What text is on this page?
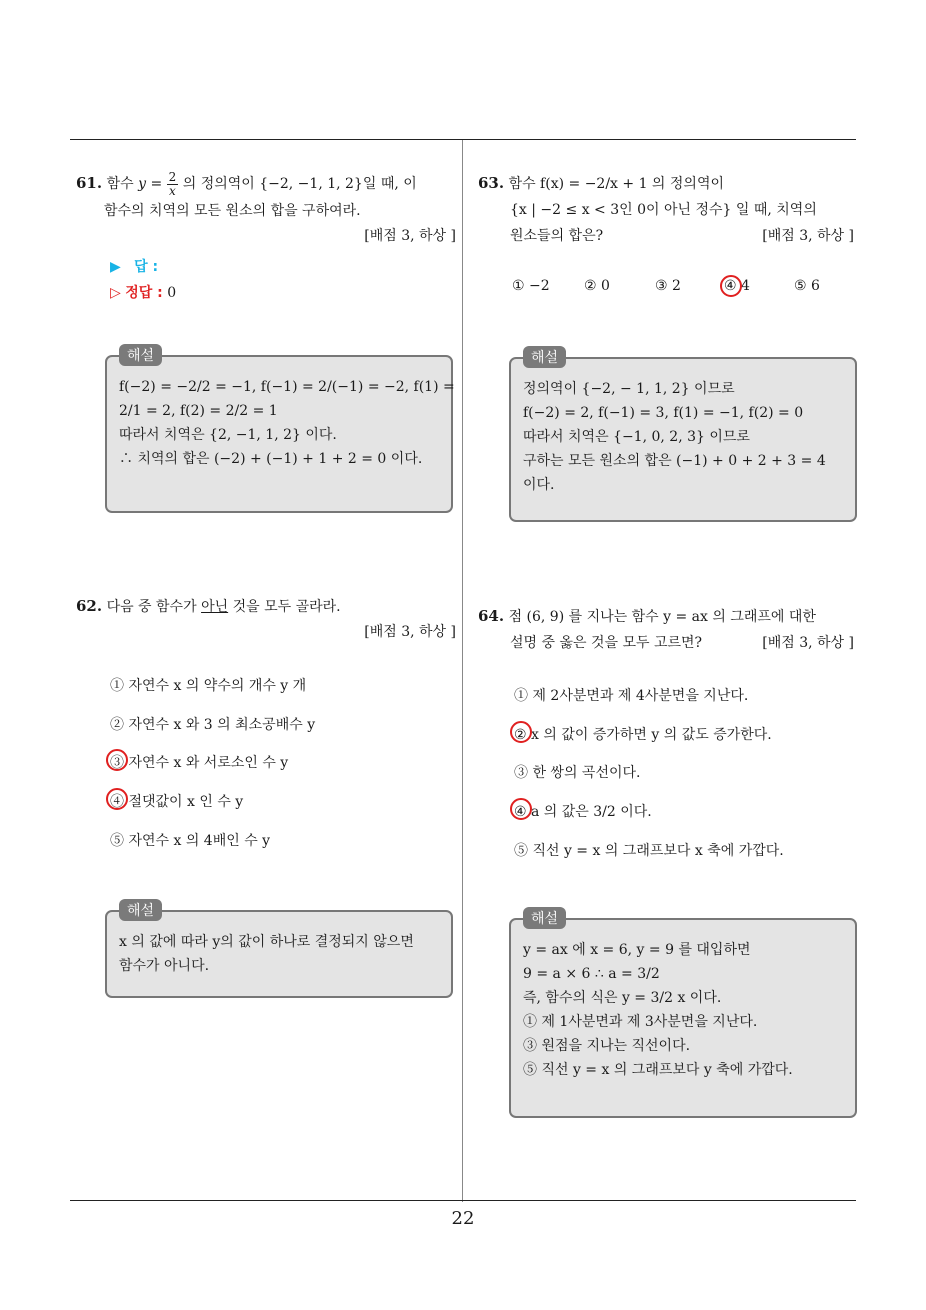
61. 함수 $y = \frac{2}{x}$ 의 정의역이 {−2, −1, 1, 2}일 때, 이
함수의 치역의 모든 원소의 합을 구하여라.
[배점 3, 하상 ]
▶ 답 :
▷ 정답 : 0
해설
f(−2) = −2/2 = −1, f(−1) = 2/(−1) = −2, f(1) =
2/1 = 2, f(2) = 2/2 = 1
따라서 치역은 {2, −1, 1, 2} 이다.
∴ 치역의 합은 (−2) + (−1) + 1 + 2 = 0 이다.
62. 다음 중 함수가 아닌 것을 모두 골라라.
[배점 3, 하상 ]
① 자연수 x 의 약수의 개수 y 개
② 자연수 x 와 3 의 최소공배수 y
③ 자연수 x 와 서로소인 수 y
④ 절댓값이 x 인 수 y
⑤ 자연수 x 의 4배인 수 y
해설
x 의 값에 따라 y의 값이 하나로 결정되지 않으면
함수가 아니다.
63. 함수 f(x) = −2/x + 1 의 정의역이
{x | −2 ≤ x < 3인 0이 아닌 정수} 일 때, 치역의
원소들의 합은?	[배점 3, 하상 ]
① −2 ② 0	③ 2	④ 4	⑤ 6
해설
정의역이 {−2, − 1, 1, 2} 이므로
f(−2) = 2, f(−1) = 3, f(1) = −1, f(2) = 0
따라서 치역은 {−1, 0, 2, 3} 이므로
구하는 모든 원소의 합은 (−1) + 0 + 2 + 3 = 4
이다.
64. 점 (6, 9) 를 지나는 함수 y = ax 의 그래프에 대한
설명 중 옳은 것을 모두 고르면?	[배점 3, 하상 ]
① 제 2사분면과 제 4사분면을 지난다.
② x 의 값이 증가하면 y 의 값도 증가한다.
③ 한 쌍의 곡선이다.
④ a 의 값은 3/2 이다.
⑤ 직선 y = x 의 그래프보다 x 축에 가깝다.
해설
y = ax 에 x = 6, y = 9 를 대입하면
9 = a × 6 ∴ a = 3/2
즉, 함수의 식은 y = 3/2 x 이다.
① 제 1사분면과 제 3사분면을 지난다.
③ 원점을 지나는 직선이다.
⑤ 직선 y = x 의 그래프보다 y 축에 가깝다.
22
